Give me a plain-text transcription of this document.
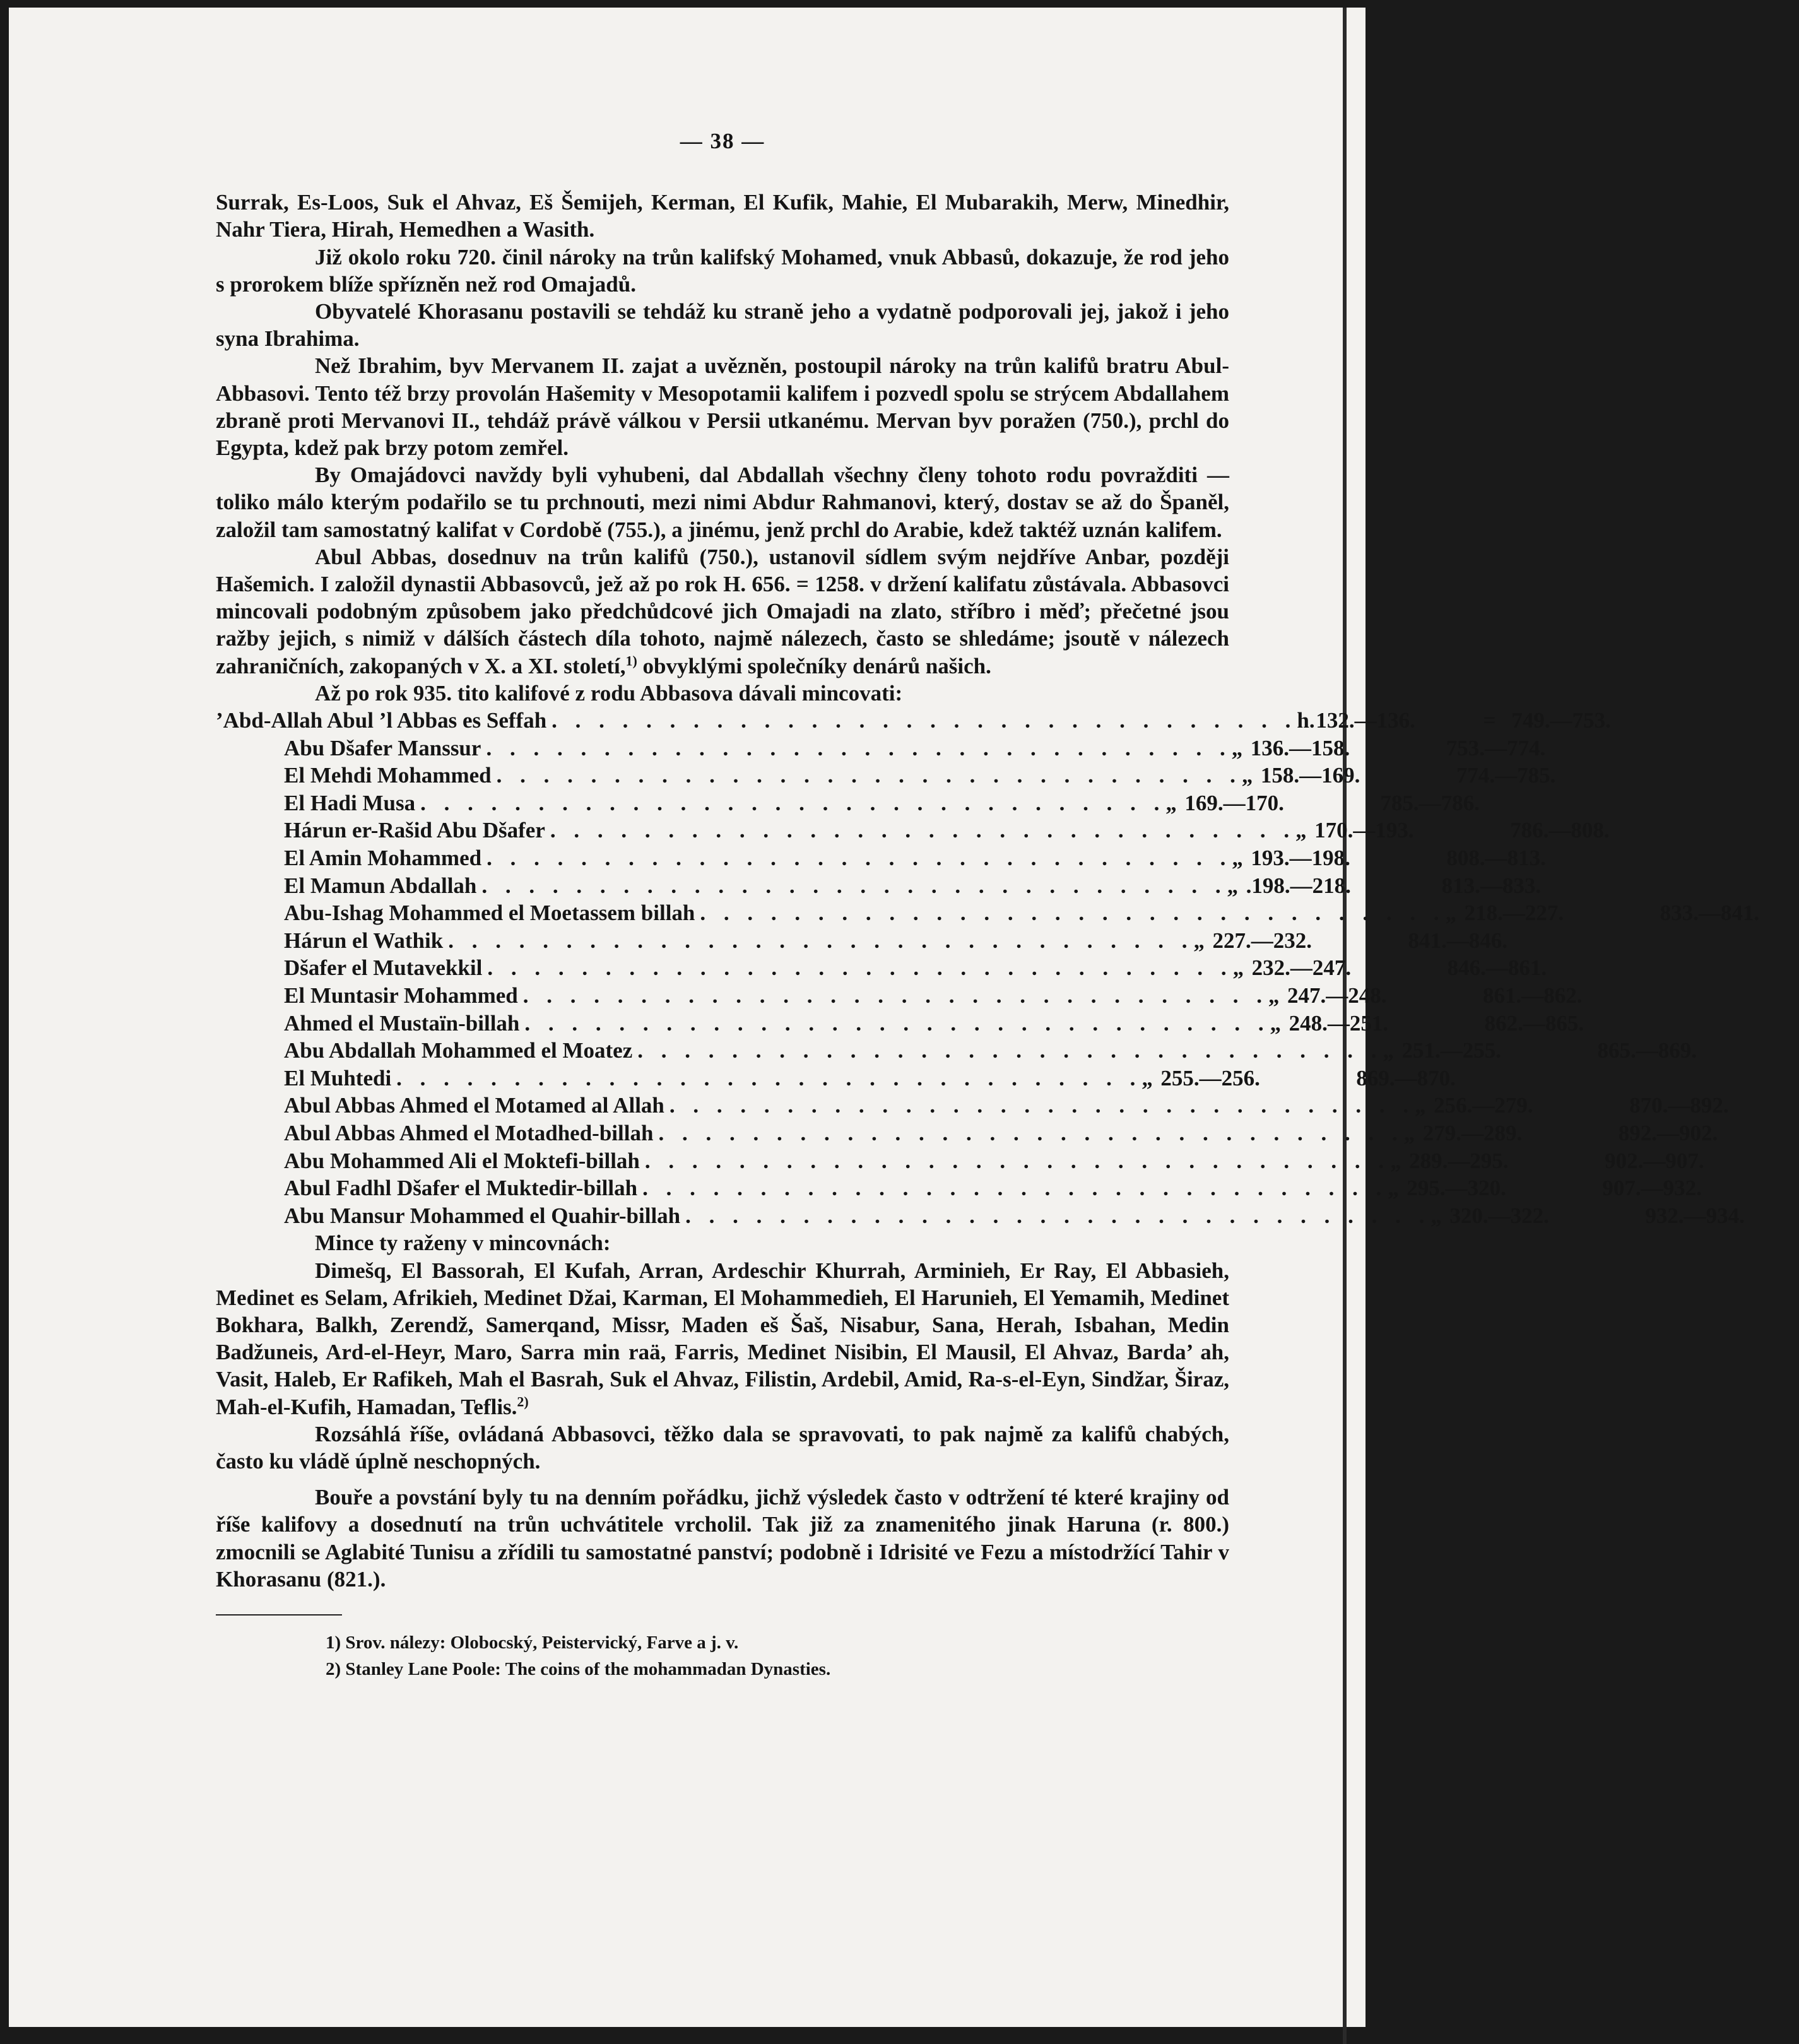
— 38 —

Surrak, Es-Loos, Suk el Ahvaz, Eš Šemijeh, Kerman, El Kufik, Mahie, El Mubarakih, Merw, Minedhir, Nahr Tiera, Hirah, Hemedhen a Wasith.

Již okolo roku 720. činil nároky na trůn kalifský Mohamed, vnuk Abbasů, dokazuje, že rod jeho s prorokem blíže spřízněn než rod Omajadů.

Obyvatelé Khorasanu postavili se tehdáž ku straně jeho a vydatně podporovali jej, jakož i jeho syna Ibrahima.

Než Ibrahim, byv Mervanem II. zajat a uvězněn, postoupil nároky na trůn kalifů bratru Abul-Abbasovi. Tento též brzy provolán Hašemity v Mesopotamii kalifem i pozvedl spolu se strýcem Abdallahem zbraně proti Mervanovi II., tehdáž právě válkou v Persii utkanému. Mervan byv poražen (750.), prchl do Egypta, kdež pak brzy potom zemřel.

By Omajádovci navždy byli vyhubeni, dal Abdallah všechny členy tohoto rodu povražditi — toliko málo kterým podařilo se tu prchnouti, mezi nimi Abdur Rahmanovi, který, dostav se až do Španěl, založil tam samostatný kalifat v Cordobě (755.), a jinému, jenž prchl do Arabie, kdež taktéž uznán kalifem.

Abul Abbas, dosednuv na trůn kalifů (750.), ustanovil sídlem svým nejdříve Anbar, později Hašemich. I založil dynastii Abbasovců, jež až po rok H. 656. = 1258. v držení kalifatu zůstávala. Abbasovci mincovali podobným způsobem jako předchůdcové jich Omajadi na zlato, stříbro i měď; přečetné jsou ražby jejich, s nimiž v dálších částech díla tohoto, najmě nálezech, často se shledáme; jsoutě v nálezech zahraničních, zakopaných v X. a XI. století,$^{1)}$ obvyklými společníky denárů našich.

Až po rok 935. tito kalifové z rodu Abbasova dávali mincovati:

’Abd-Allah Abul ’l Abbas es Seffah . . . . . . . . . . . . . . . . . . . . . . . . . . . . . . . . h. 132.—136.	= 749.—753.
Abu Dšafer Manssur . . . . . . . . . . . . . . . . . . . . . . . . . . . . . . . . „ 136.—158.	753.—774.
El Mehdi Mohammed . . . . . . . . . . . . . . . . . . . . . . . . . . . . . . . . „ 158.—169.	774.—785.
El Hadi Musa . . . . . . . . . . . . . . . . . . . . . . . . . . . . . . . . „ 169.—170.	785.—786.
Hárun er-Rašid Abu Dšafer . . . . . . . . . . . . . . . . . . . . . . . . . . . . . . . . „ 170.—193.	786.—808.
El Amin Mohammed . . . . . . . . . . . . . . . . . . . . . . . . . . . . . . . . „ 193.—198.	808.—813.
El Mamun Abdallah . . . . . . . . . . . . . . . . . . . . . . . . . . . . . . . . „ .198.—218.	813.—833.
Abu-Ishag Mohammed el Moetassem billah . . . . . . . . . . . . . . . . . . . . . . . . . . . . . . . . „ 218.—227.	833.—841.
Hárun el Wathik . . . . . . . . . . . . . . . . . . . . . . . . . . . . . . . . „ 227.—232.	841.—846.
Dšafer el Mutavekkil . . . . . . . . . . . . . . . . . . . . . . . . . . . . . . . . „ 232.—247.	846.—861.
El Muntasir Mohammed . . . . . . . . . . . . . . . . . . . . . . . . . . . . . . . . „ 247.—248.	861.—862.
Ahmed el Mustaïn-billah . . . . . . . . . . . . . . . . . . . . . . . . . . . . . . . . „ 248.—251.	862.—865.
Abu Abdallah Mohammed el Moatez . . . . . . . . . . . . . . . . . . . . . . . . . . . . . . . . „ 251.—255.	865.—869.
El Muhtedi . . . . . . . . . . . . . . . . . . . . . . . . . . . . . . . . „ 255.—256.	869.—870.
Abul Abbas Ahmed el Motamed al Allah . . . . . . . . . . . . . . . . . . . . . . . . . . . . . . . . „ 256.—279.	870.—892.
Abul Abbas Ahmed el Motadhed-billah . . . . . . . . . . . . . . . . . . . . . . . . . . . . . . . . „ 279.—289.	892.—902.
Abu Mohammed Ali el Moktefi-billah . . . . . . . . . . . . . . . . . . . . . . . . . . . . . . . . „ 289.—295.	902.—907.
Abul Fadhl Dšafer el Muktedir-billah . . . . . . . . . . . . . . . . . . . . . . . . . . . . . . . . „ 295.—320.	907.—932.
Abu Mansur Mohammed el Quahir-billah . . . . . . . . . . . . . . . . . . . . . . . . . . . . . . . . „ 320.—322.	932.—934.

Mince ty raženy v mincovnách:

Dimešq, El Bassorah, El Kufah, Arran, Ardeschir Khurrah, Arminieh, Er Ray, El Abbasieh, Medinet es Selam, Afrikieh, Medinet Džai, Karman, El Mohammedieh, El Harunieh, El Yemamih, Medinet Bokhara, Balkh, Zerendž, Samerqand, Missr, Maden eš Šaš, Nisabur, Sana, Herah, Isbahan, Medin Badžuneis, Ard-el-Heyr, Maro, Sarra min raä, Farris, Medinet Nisibin, El Mausil, El Ahvaz, Barda’ ah, Vasit, Haleb, Er Rafikeh, Mah el Basrah, Suk el Ahvaz, Filistin, Ardebil, Amid, Ra-s-el-Eyn, Sindžar, Širaz, Mah-el-Kufih, Hamadan, Teflis.$^{2)}$

Rozsáhlá říše, ovládaná Abbasovci, těžko dala se spravovati, to pak najmě za kalifů chabých, často ku vládě úplně neschopných.

Bouře a povstání byly tu na denním pořádku, jichž výsledek často v odtržení té které krajiny od říše kalifovy a dosednutí na trůn uchvátitele vrcholil. Tak již za znamenitého jinak Haruna (r. 800.) zmocnili se Aglabité Tunisu a zřídili tu samostatné panství; podobně i Idrisité ve Fezu a místodržící Tahir v Khorasanu (821.).

1) Srov. nálezy: Olobocský, Peistervický, Farve a j. v.
2) Stanley Lane Poole: The coins of the mohammadan Dynasties.
